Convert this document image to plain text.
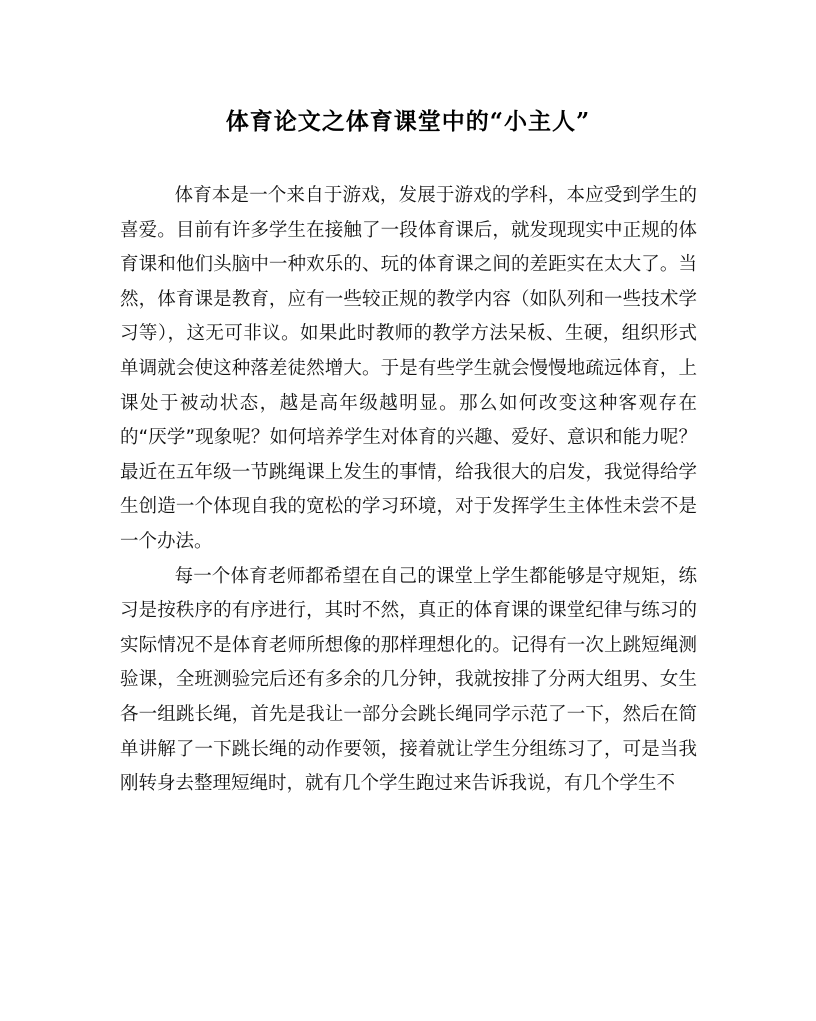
体育论文之体育课堂中的“小主人”

体育本是一个来自于游戏，发展于游戏的学科，本应受到学生的喜爱。目前有许多学生在接触了一段体育课后，就发现现实中正规的体育课和他们头脑中一种欢乐的、玩的体育课之间的差距实在太大了。当然，体育课是教育，应有一些较正规的教学内容（如队列和一些技术学习等），这无可非议。如果此时教师的教学方法呆板、生硬，组织形式单调就会使这种落差徒然增大。于是有些学生就会慢慢地疏远体育，上课处于被动状态，越是高年级越明显。那么如何改变这种客观存在的“厌学”现象呢？如何培养学生对体育的兴趣、爱好、意识和能力呢？最近在五年级一节跳绳课上发生的事情，给我很大的启发，我觉得给学生创造一个体现自我的宽松的学习环境，对于发挥学生主体性未尝不是一个办法。

每一个体育老师都希望在自己的课堂上学生都能够是守规矩，练习是按秩序的有序进行，其时不然，真正的体育课的课堂纪律与练习的实际情况不是体育老师所想像的那样理想化的。记得有一次上跳短绳测验课，全班测验完后还有多余的几分钟，我就按排了分两大组男、女生各一组跳长绳，首先是我让一部分会跳长绳同学示范了一下，然后在简单讲解了一下跳长绳的动作要领，接着就让学生分组练习了，可是当我刚转身去整理短绳时，就有几个学生跑过来告诉我说，有几个学生不
